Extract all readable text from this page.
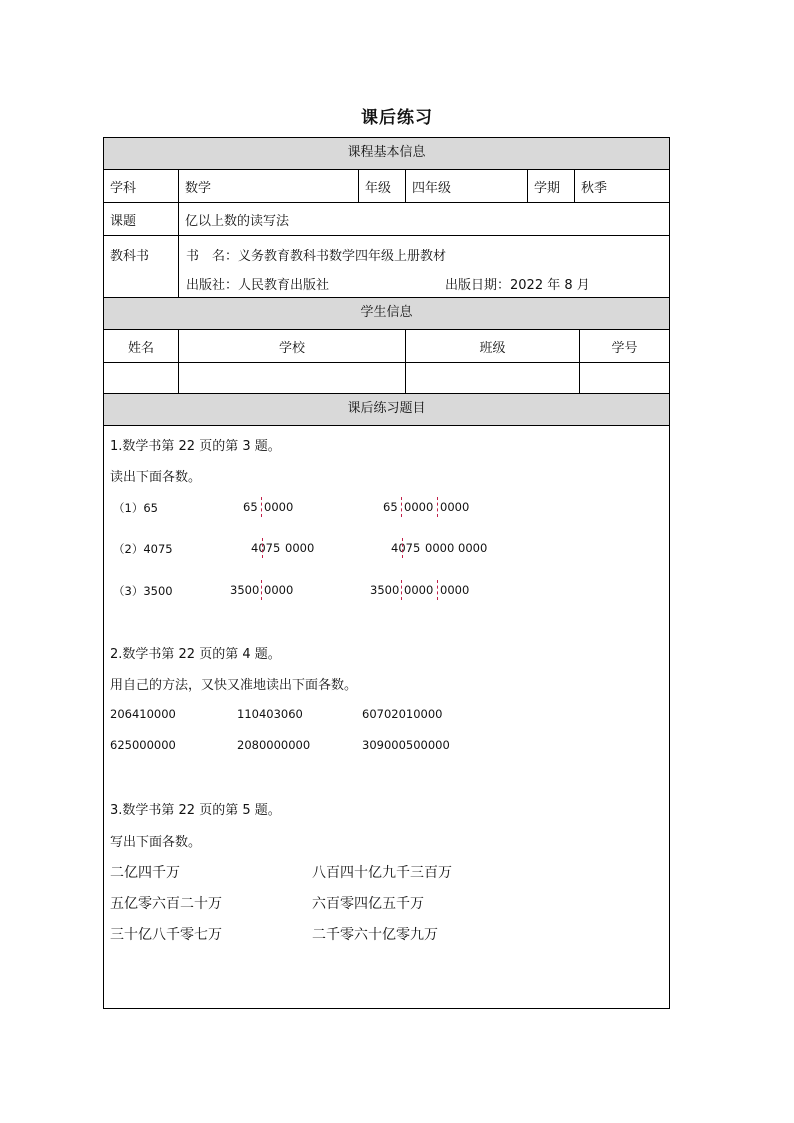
课后练习
课程基本信息
学科	数学	年级	四年级	学期	秋季
课题	亿以上数的读写法
教科书	书　名：义务教育教科书数学四年级上册教材
出版社：人民教育出版社	出版日期：2022 年 8 月
学生信息
姓名	学校	班级	学号
课后练习题目
1.数学书第 22 页的第 3 题。
读出下面各数。
（1）65	65 0000	65 0000 0000
（2）4075	4075 0000	4075 0000 0000
（3）3500	3500 0000	3500 0000 0000
2.数学书第 22 页的第 4 题。
用自己的方法，又快又准地读出下面各数。
206410000	110403060	60702010000
625000000	2080000000	309000500000
3.数学书第 22 页的第 5 题。
写出下面各数。
二亿四千万	八百四十亿九千三百万
五亿零六百二十万	六百零四亿五千万
三十亿八千零七万	二千零六十亿零九万
